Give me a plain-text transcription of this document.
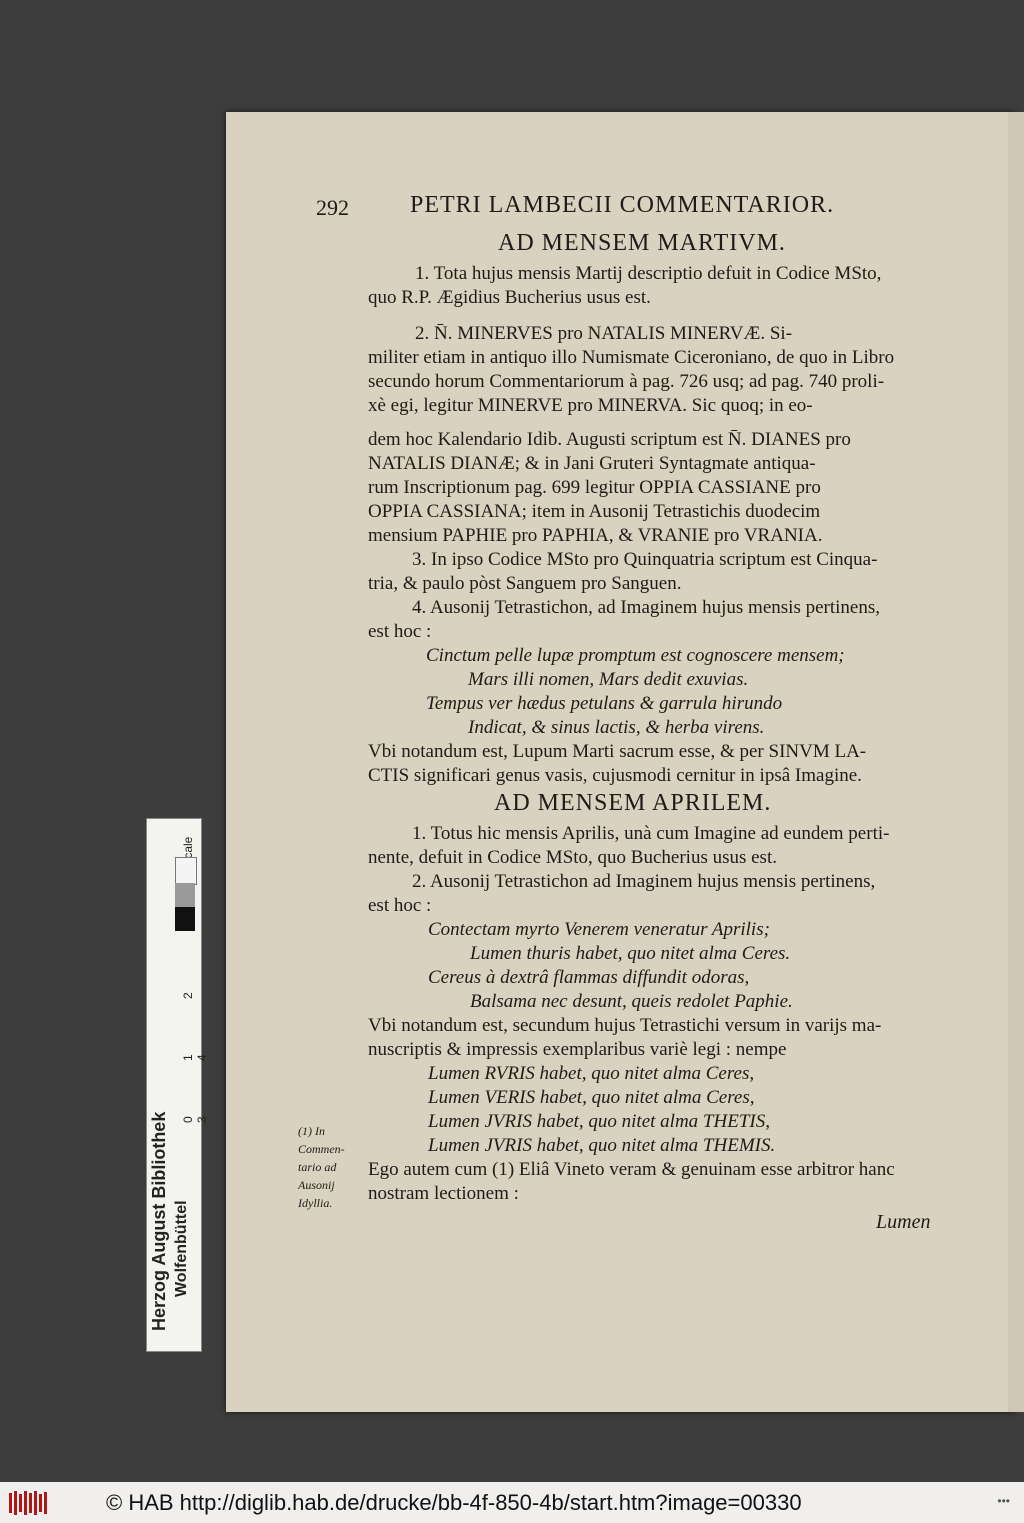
292	PETRI LAMBECII COMMENTARIOR.
AD MENSEM MARTIVM.
1. Tota hujus mensis Martij descriptio defuit in Codice MSto,
quo R.P. Ægidius Bucherius usus est.
2. N̄. MINERVES pro NATALIS MINERVÆ. Si-
militer etiam in antiquo illo Numismate Ciceroniano, de quo in Libro
secundo horum Commentariorum à pag. 726 usq; ad pag. 740 proli-
xè egi, legitur MINERVE pro MINERVA. Sic quoq; in eo-
dem hoc Kalendario Idib. Augusti scriptum est N̄. DIANES pro
NATALIS DIANÆ; & in Jani Gruteri Syntagmate antiqua-
rum Inscriptionum pag. 699 legitur OPPIA CASSIANE pro
OPPIA CASSIANA; item in Ausonij Tetrastichis duodecim
mensium PAPHIE pro PAPHIA, & VRANIE pro VRANIA.
3. In ipso Codice MSto pro Quinquatria scriptum est Cinqua-
tria, & paulo pòst Sanguem pro Sanguen.
4. Ausonij Tetrastichon, ad Imaginem hujus mensis pertinens,
est hoc :
Cinctum pelle lupæ promptum est cognoscere mensem;
Mars illi nomen, Mars dedit exuvias.
Tempus ver hædus petulans & garrula hirundo
Indicat, & sinus lactis, & herba virens.
Vbi notandum est, Lupum Marti sacrum esse, & per SINVM LA-
CTIS significari genus vasis, cujusmodi cernitur in ipsâ Imagine.
AD MENSEM APRILEM.
1. Totus hic mensis Aprilis, unà cum Imagine ad eundem perti-
nente, defuit in Codice MSto, quo Bucherius usus est.
2. Ausonij Tetrastichon ad Imaginem hujus mensis pertinens,
est hoc :
Contectam myrto Venerem veneratur Aprilis;
Lumen thuris habet, quo nitet alma Ceres.
Cereus à dextrâ flammas diffundit odoras,
Balsama nec desunt, queis redolet Paphie.
Vbi notandum est, secundum hujus Tetrastichi versum in varijs ma-
nuscriptis & impressis exemplaribus variè legi : nempe
Lumen RVRIS habet, quo nitet alma Ceres,
Lumen VERIS habet, quo nitet alma Ceres,
Lumen JVRIS habet, quo nitet alma THETIS,
Lumen JVRIS habet, quo nitet alma THEMIS.
Ego autem cum (1) Eliâ Vineto veram & genuinam esse arbitror hanc
nostram lectionem :
(1) In
Commen-
tario ad
Ausonij
Idyllia.
Lumen
Herzog August Bibliothek Wolfenbüttel
0 1 2 3 4
© HAB http://diglib.hab.de/drucke/bb-4f-850-4b/start.htm?image=00330	•••
